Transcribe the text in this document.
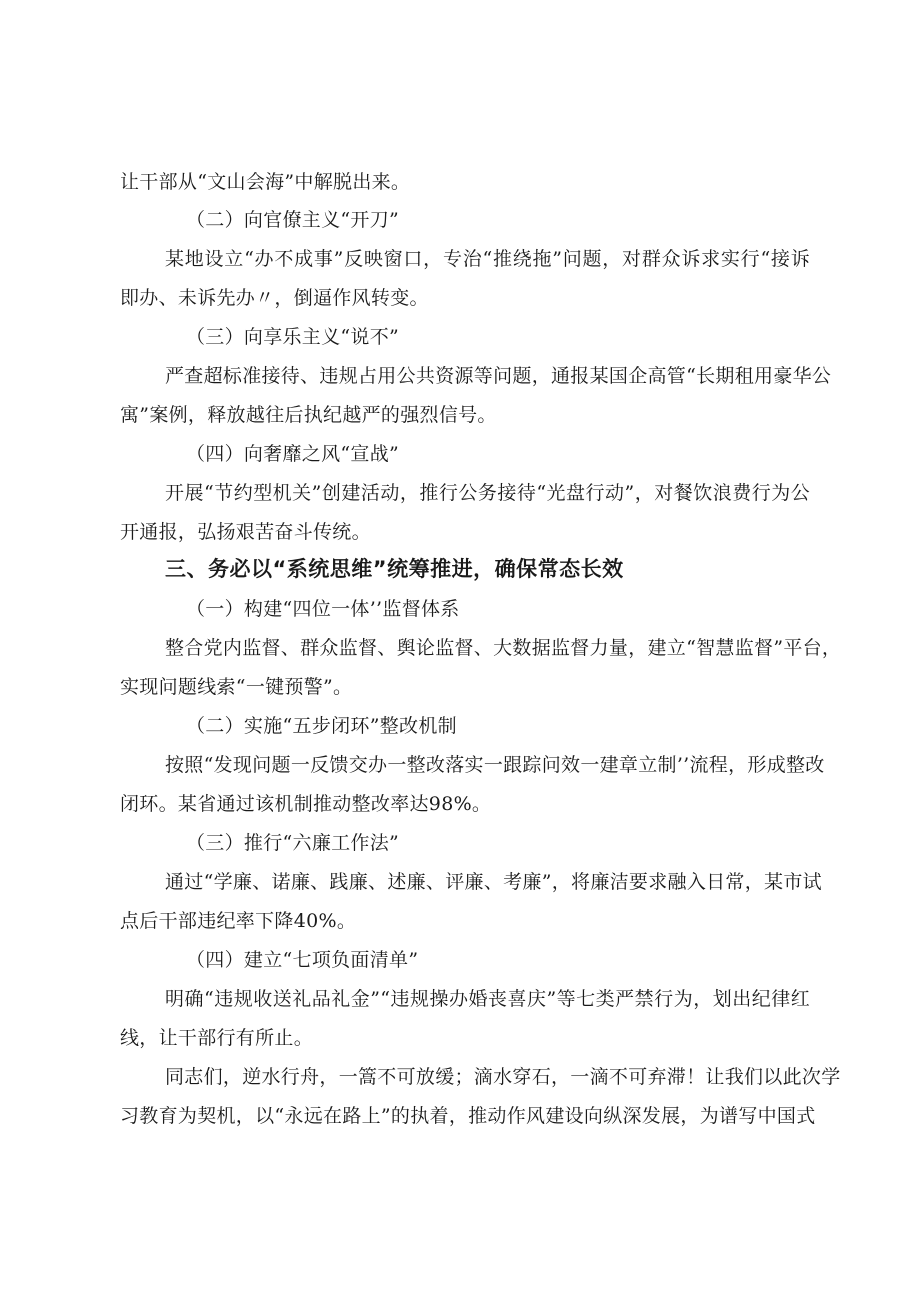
让干部从“文山会海”中解脱出来。
（二）向官僚主义“开刀”
某地设立“办不成事”反映窗口，专治“推绕拖”问题，对群众诉求实行“接诉
即办、未诉先办〃，倒逼作风转变。
（三）向享乐主义“说不”
严查超标准接待、违规占用公共资源等问题，通报某国企高管“长期租用豪华公
寓”案例，释放越往后执纪越严的强烈信号。
（四）向奢靡之风“宣战”
开展“节约型机关”创建活动，推行公务接待“光盘行动”，对餐饮浪费行为公
开通报，弘扬艰苦奋斗传统。
三、务必以“系统思维”统筹推进，确保常态长效
（一）构建“四位一体’’监督体系
整合党内监督、群众监督、舆论监督、大数据监督力量，建立“智慧监督”平台，
实现问题线索“一键预警”。
（二）实施“五步闭环”整改机制
按照“发现问题一反馈交办一整改落实一跟踪问效一建章立制’’流程，形成整改
闭环。某省通过该机制推动整改率达98%。
（三）推行“六廉工作法”
通过“学廉、诺廉、践廉、述廉、评廉、考廉”，将廉洁要求融入日常，某市试
点后干部违纪率下降40%。
（四）建立“七项负面清单”
明确“违规收送礼品礼金”“违规操办婚丧喜庆”等七类严禁行为，划出纪律红
线，让干部行有所止。
同志们，逆水行舟，一篙不可放缓；滴水穿石，一滴不可弃滞！让我们以此次学
习教育为契机，以“永远在路上”的执着，推动作风建设向纵深发展，为谱写中国式
